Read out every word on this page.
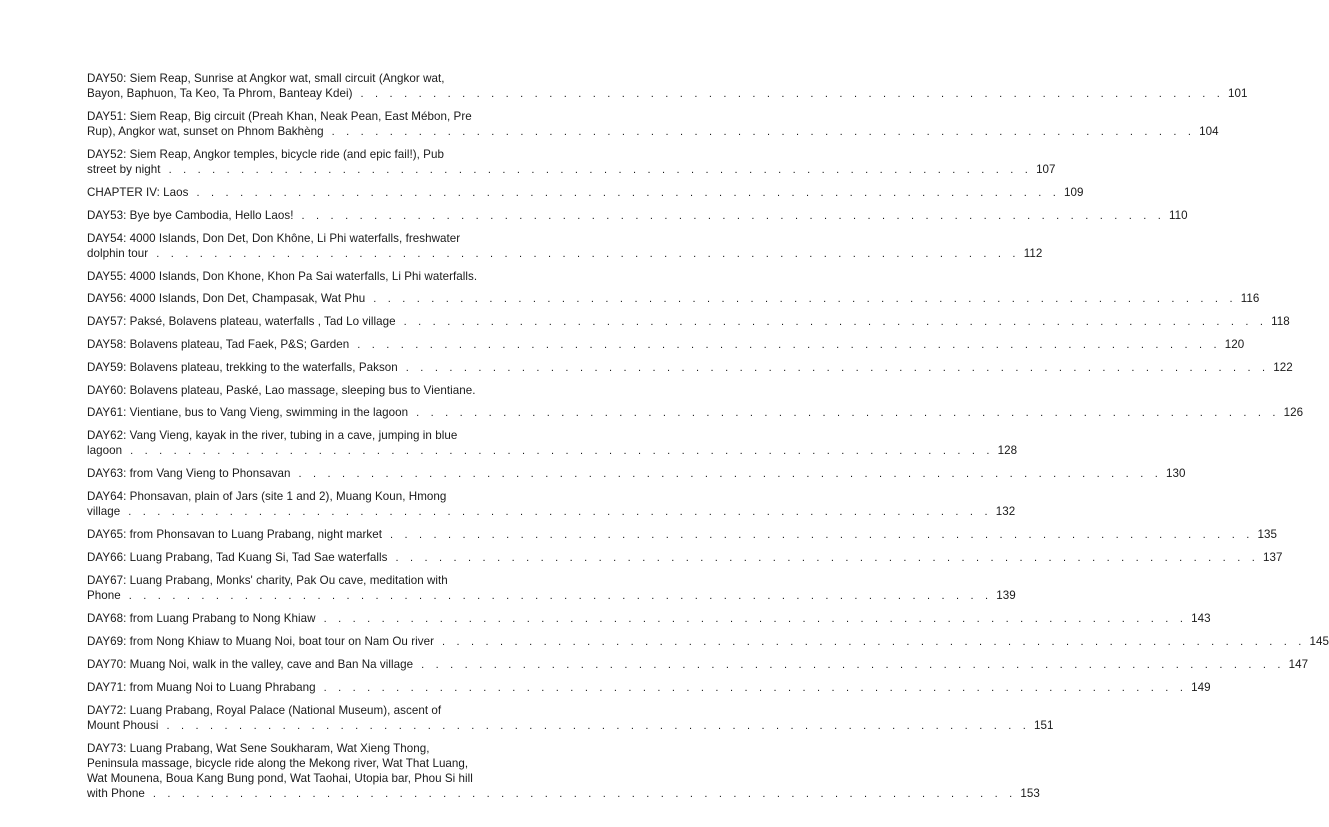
DAY50: Siem Reap, Sunrise at Angkor wat, small circuit (Angkor wat,
Bayon, Baphuon, Ta Keo, Ta Phrom, Banteay Kdei) . . . . . . . . . . . . . . . . . . . . . . . . . . . . . . . . . . . . . . . . . . . . . . . . . . . . . . . . . . . . 101
DAY51: Siem Reap, Big circuit (Preah Khan, Neak Pean, East Mébon, Pre
Rup), Angkor wat, sunset on Phnom Bakhèng . . . . . . . . . . . . . . . . . . . . . . . . . . . . . . . . . . . . . . . . . . . . . . . . . . . . . . . . . . . . 104
DAY52: Siem Reap, Angkor temples, bicycle ride (and epic fail!), Pub
street by night . . . . . . . . . . . . . . . . . . . . . . . . . . . . . . . . . . . . . . . . . . . . . . . . . . . . . . . . . . . . 107
CHAPTER IV: Laos . . . . . . . . . . . . . . . . . . . . . . . . . . . . . . . . . . . . . . . . . . . . . . . . . . . . . . . . . . . . 109
DAY53: Bye bye Cambodia, Hello Laos! . . . . . . . . . . . . . . . . . . . . . . . . . . . . . . . . . . . . . . . . . . . . . . . . . . . . . . . . . . . . 110
DAY54: 4000 Islands, Don Det, Don Khône, Li Phi waterfalls, freshwater
dolphin tour . . . . . . . . . . . . . . . . . . . . . . . . . . . . . . . . . . . . . . . . . . . . . . . . . . . . . . . . . . . . 112
DAY55: 4000 Islands, Don Khone, Khon Pa Sai waterfalls, Li Phi waterfalls.
DAY56: 4000 Islands, Don Det, Champasak, Wat Phu . . . . . . . . . . . . . . . . . . . . . . . . . . . . . . . . . . . . . . . . . . . . . . . . . . . . . . . . . . . . 116
DAY57: Paksé, Bolavens plateau, waterfalls , Tad Lo village . . . . . . . . . . . . . . . . . . . . . . . . . . . . . . . . . . . . . . . . . . . . . . . . . . . . . . . . . . . . 118
DAY58: Bolavens plateau, Tad Faek, P&S; Garden . . . . . . . . . . . . . . . . . . . . . . . . . . . . . . . . . . . . . . . . . . . . . . . . . . . . . . . . . . . . 120
DAY59: Bolavens plateau, trekking to the waterfalls, Pakson . . . . . . . . . . . . . . . . . . . . . . . . . . . . . . . . . . . . . . . . . . . . . . . . . . . . . . . . . . . . 122
DAY60: Bolavens plateau, Paské, Lao massage, sleeping bus to Vientiane.
DAY61: Vientiane, bus to Vang Vieng, swimming in the lagoon . . . . . . . . . . . . . . . . . . . . . . . . . . . . . . . . . . . . . . . . . . . . . . . . . . . . . . . . . . . . 126
DAY62: Vang Vieng, kayak in the river, tubing in a cave, jumping in blue
lagoon . . . . . . . . . . . . . . . . . . . . . . . . . . . . . . . . . . . . . . . . . . . . . . . . . . . . . . . . . . . . 128
DAY63: from Vang Vieng to Phonsavan . . . . . . . . . . . . . . . . . . . . . . . . . . . . . . . . . . . . . . . . . . . . . . . . . . . . . . . . . . . . 130
DAY64: Phonsavan, plain of Jars (site 1 and 2), Muang Koun, Hmong
village . . . . . . . . . . . . . . . . . . . . . . . . . . . . . . . . . . . . . . . . . . . . . . . . . . . . . . . . . . . . 132
DAY65: from Phonsavan to Luang Prabang, night market . . . . . . . . . . . . . . . . . . . . . . . . . . . . . . . . . . . . . . . . . . . . . . . . . . . . . . . . . . . . 135
DAY66: Luang Prabang, Tad Kuang Si, Tad Sae waterfalls . . . . . . . . . . . . . . . . . . . . . . . . . . . . . . . . . . . . . . . . . . . . . . . . . . . . . . . . . . . . 137
DAY67: Luang Prabang, Monks' charity, Pak Ou cave, meditation with
Phone . . . . . . . . . . . . . . . . . . . . . . . . . . . . . . . . . . . . . . . . . . . . . . . . . . . . . . . . . . . . 139
DAY68: from Luang Prabang to Nong Khiaw . . . . . . . . . . . . . . . . . . . . . . . . . . . . . . . . . . . . . . . . . . . . . . . . . . . . . . . . . . . . 143
DAY69: from Nong Khiaw to Muang Noi, boat tour on Nam Ou river . . . . . . . . . . . . . . . . . . . . . . . . . . . . . . . . . . . . . . . . . . . . . . . . . . . . . . . . . . . . 145
DAY70: Muang Noi, walk in the valley, cave and Ban Na village . . . . . . . . . . . . . . . . . . . . . . . . . . . . . . . . . . . . . . . . . . . . . . . . . . . . . . . . . . . . 147
DAY71: from Muang Noi to Luang Phrabang . . . . . . . . . . . . . . . . . . . . . . . . . . . . . . . . . . . . . . . . . . . . . . . . . . . . . . . . . . . . 149
DAY72: Luang Prabang, Royal Palace (National Museum), ascent of
Mount Phousi . . . . . . . . . . . . . . . . . . . . . . . . . . . . . . . . . . . . . . . . . . . . . . . . . . . . . . . . . . . . 151
DAY73: Luang Prabang, Wat Sene Soukharam, Wat Xieng Thong,
Peninsula massage, bicycle ride along the Mekong river, Wat That Luang,
Wat Mounena, Boua Kang Bung pond, Wat Taohai, Utopia bar, Phou Si hill
with Phone . . . . . . . . . . . . . . . . . . . . . . . . . . . . . . . . . . . . . . . . . . . . . . . . . . . . . . . . . . . . 153
